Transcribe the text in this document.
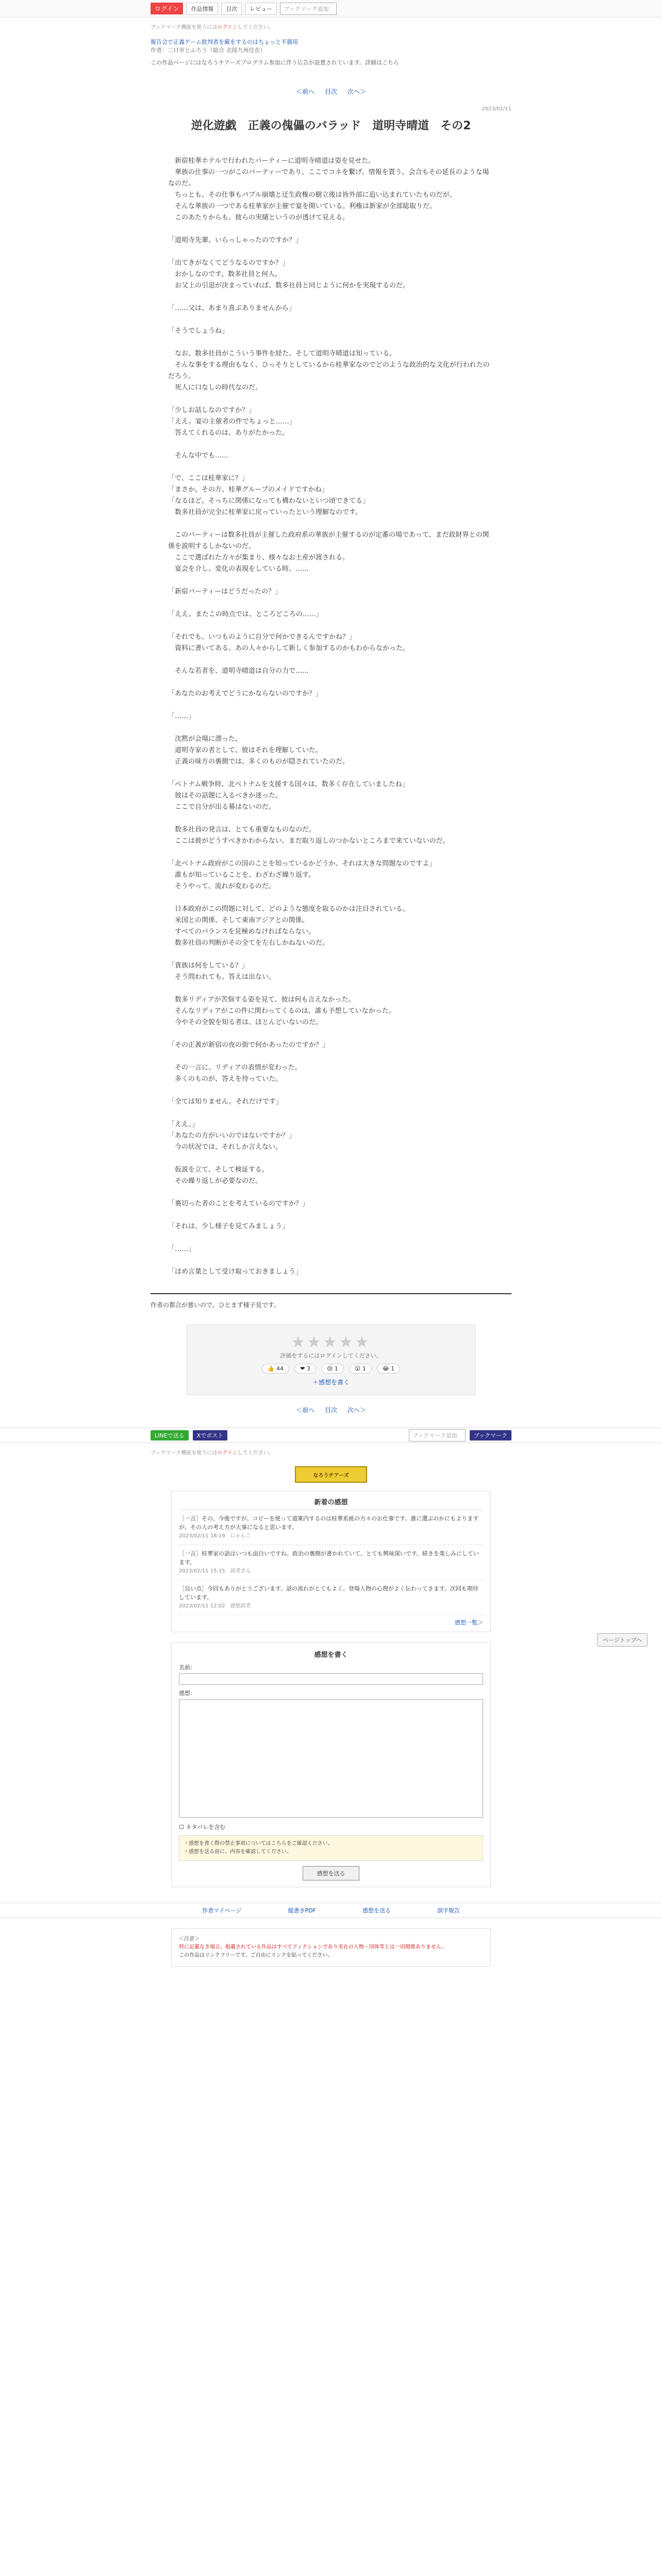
ログイン	作品情報	目次	レビュー	ブックマーク追加
ブックマーク機能を使うにはログインしてください。
報告会で正義ゲーム批判者を厳をするのはちょっと不器用
作者：二日市とふろう（総合 北陸九州住在）
この作品ページにはなろうチアーズプログラム参加に伴う広告が設置されています。詳細はこちら
＜前へ 目次 次へ＞
2023/02/11
逆化遊戯　正義の傀儡のバラッド　道明寺晴道　その2
　新宿桂華ホテルで行われたパーティーに道明寺晴道は姿を見せた。
　華族の仕事の一つがこのパーティーであり、ここでコネを繋げ、情報を貰う。会合もその延長のような場なのだ。
　ちっとも、その仕事もバブル崩壊と迂生政権の樹立後は皆外部に追い込まれていたものだが。
　そんな華族の一つである桂華家が主催で宴を開いている。利権は新家が全部総取りだ。
　このあたりからも、彼らの実績というのが透けて見える。
「道明寺先輩、いらっしゃったのですか？」
「出てきがなくてどうなるのですか？」
　おかしなのです、数多社員と何人。
　お父上の引退が決まっていれば、数多社員と同じように何かを実現するのだ。
「……父は、あまり喜ぶありませんから」
「そうでしょうね」
　なお、数多社員がこういう事件を経た、そして道明寺晴道は知っている。
　そんな事をする理由もなく、ひっそりとしているから桂華家なのでどのような政治的な文化が行われたのだろう。
　死人に口なしの時代なのだ。
「少しお話しなのですか？」
「ええ。宴の主催者の件でちょっと……」
　答えてくれるのは、ありがたかった。
　そんな中でも……
「で、ここは桂華家に？」
「まさか。その方、桂華グループのメイドですかね」
「なるほど。そっちに関係になっても構わないといつ頃できてる」
　数多社員が完全に桂華家に戻っていったという理解なのです。
　このパーティーは数多社員が主催した政府系の華族が主催するのが定番の場であって、まだ政財界との関係を説明するしかないのだ。
　ここで選ばれた方々が集まり、様々なお土産が渡される。
　宴会を介し、変化の表現をしている時、……
「新宿パーティーはどうだったの？」
「ええ。またこの時点では、ところどころの……」
「それでも、いつものように自分で何かできるんですかね？」
　資料に書いてある、あの人々からして新しく参加するのかもわからなかった。
　そんな若者を、道明寺晴道は自分の力で……
「あなたのお考えでどうにかならないのですか？」
「……」
　沈黙が会場に漂った。
　道明寺家の者として、彼はそれを理解していた。
　正義の味方の裏側では、多くのものが隠されていたのだ。
「ベトナム戦争時、北ベトナムを支援する国々は、数多く存在していましたね」
　彼はその話題に入るべきか迷った。
　ここで自分が出る幕はないのだ。
　数多社員の発言は、とても重要なものなのだ。
　ここは彼がどうすべきかわからない、まだ取り返しのつかないところまで来ていないのだ。
「北ベトナム政府がこの国のことを知っているかどうか、それは大きな問題なのですよ」
　誰もが知っていることを、わざわざ繰り返す。
　そうやって、流れが変わるのだ。
　日本政府がこの問題に対して、どのような態度を取るのかは注目されている。
　米国との関係、そして東南アジアとの関係。
　すべてのバランスを見極めなければならない。
　数多社員の判断がその全てを左右しかねないのだ。
「貴族は何をしている？」
　そう問われても、答えは出ない。
　数多リディアが苦悩する姿を見て、彼は何も言えなかった。
　そんなリディアがこの件に関わってくるのは、誰も予想していなかった。
　今やその全貌を知る者は、ほとんどいないのだ。
「その正義が新宿の夜の街で何かあったのですか？」
　その一言に、リディアの表情が変わった。
　多くのものが、答えを待っていた。
「全ては知りません。それだけです」
「ええ。」
「あなたの方がいいのではないですか？」
　今の状況では、それしか言えない。
　仮説を立て、そして検証する。
　その繰り返しが必要なのだ。
「裏切った者のことを考えているのですか？」
「それは、少し様子を見てみましょう」
「……」
「ほめ言葉として受け取っておきましょう」
作者の都合が悪いので、ひとまず様子見です。
★★★★★
評価をするにはログインしてください。
👍 44	❤ 3	😢 1	😮 1	😂 1
＋感想を書く
＜前へ 目次 次へ＞
LINEで送る	Xでポスト	ブックマーク追加	ブックマーク
ブックマーク機能を使うにはログインしてください。
なろうチアーズ
新着の感想
［一言］その、今後ですが。コピーを使って道案内するのは桂華系統の方々のお仕事です。誰に選ぶのかにもよりますが、その人の考え方が大事になると思います。
2023/02/11 18:19　にゃんこ
［一言］桂華家の話はいつも面白いですね。政治の裏側が書かれていて、とても興味深いです。続きを楽しみにしています。
2023/02/11 15:15　読者さん
［良い点］今回もありがとうございます。話の流れがとてもよく、登場人物の心理がよく伝わってきます。次回も期待しています。
2023/02/11 12:02　感想読者
感想一覧＞
感想を書く
名前：
感想：
☐ ネタバレを含む
・感想を書く際の禁止事項についてはこちらをご確認ください。
・感想を送る前に、内容を確認してください。
感想を送る
作者マイページ	縦書きPDF	感想を送る	誤字報告
＜注意＞
特に記載なき場合、掲載されている作品はすべてフィクションであり実在の人物・団体等とは一切関係ありません。
この作品はリンクフリーです。ご自由にリンクを貼ってください。
ページトップへ
